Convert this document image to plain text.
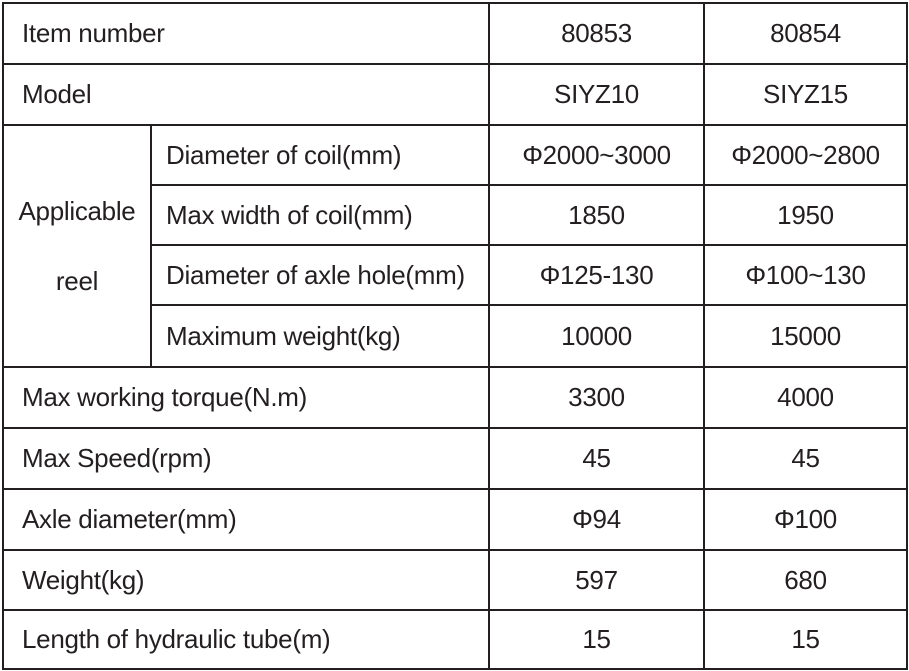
Item number		80853	80854
Model		SIYZ10	SIYZ15

Applicable
reel	Diameter of coil(mm)	Φ2000~3000	Φ2000~2800
	Max width of coil(mm)	1850	1950
	Diameter of axle hole(mm)	Φ125-130	Φ100~130
	Maximum weight(kg)	10000	15000
Max working torque(N.m)		3300	4000
Max Speed(rpm)		45	45
Axle diameter(mm)		Φ94	Φ100
Weight(kg)		597	680
Length of hydraulic tube(m)		15	15
